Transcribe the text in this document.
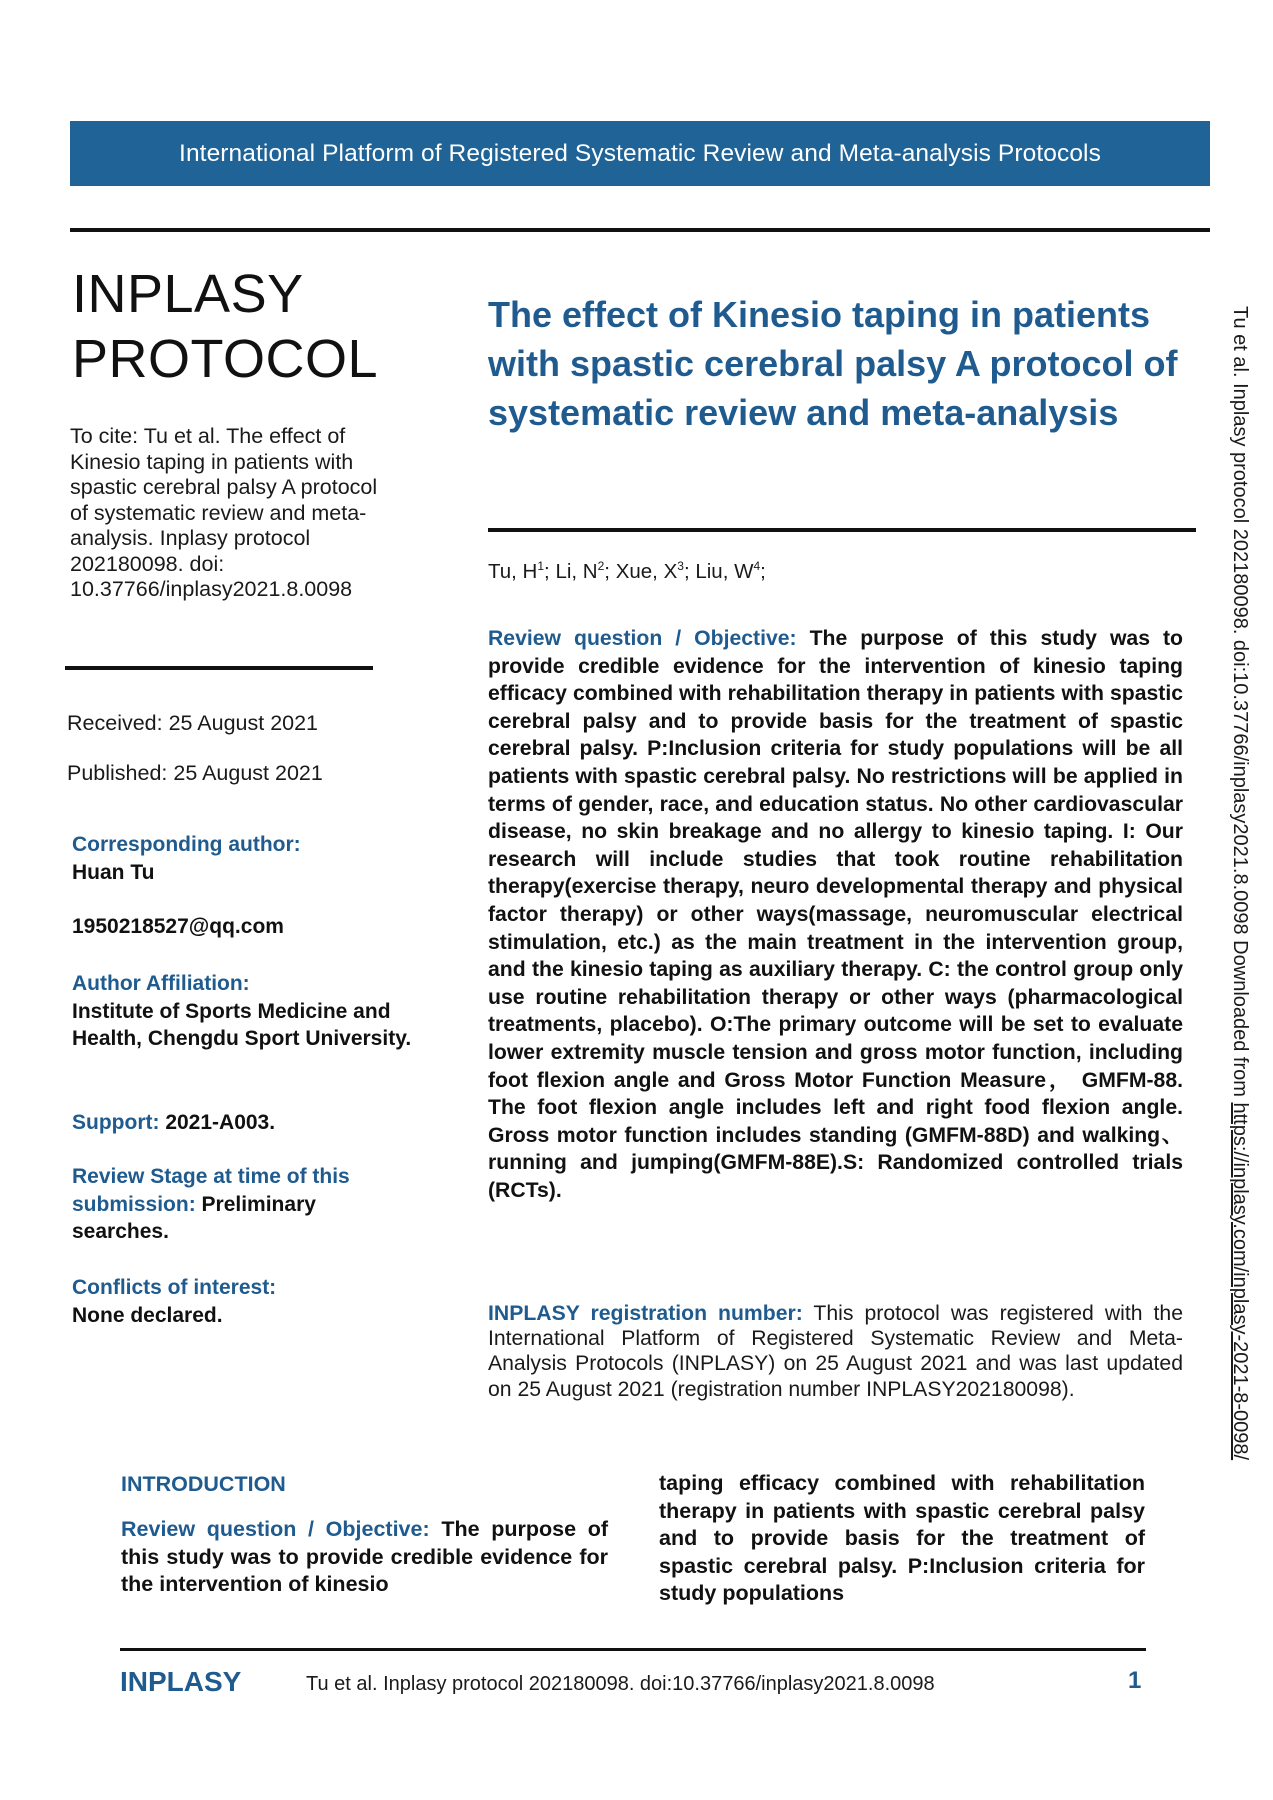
International Platform of Registered Systematic Review and Meta-analysis Protocols
INPLASY
PROTOCOL
To cite: Tu et al. The effect of Kinesio taping in patients with spastic cerebral palsy A protocol of systematic review and meta-analysis. Inplasy protocol 202180098. doi: 10.37766/inplasy2021.8.0098
Received: 25 August 2021
Published: 25 August 2021
Corresponding author:
Huan Tu
1950218527@qq.com
Author Affiliation:
Institute of Sports Medicine and Health, Chengdu Sport University.
Support: 2021-A003.
Review Stage at time of this submission: Preliminary searches.
Conflicts of interest:
None declared.
The effect of Kinesio taping in patients with spastic cerebral palsy A protocol of systematic review and meta-analysis
Tu, $H^1$; Li, $N^2$; Xue, $X^3$; Liu, $W^4$;
Review question / Objective: The purpose of this study was to provide credible evidence for the intervention of kinesio taping efficacy combined with rehabilitation therapy in patients with spastic cerebral palsy and to provide basis for the treatment of spastic cerebral palsy. P:Inclusion criteria for study populations will be all patients with spastic cerebral palsy. No restrictions will be applied in terms of gender, race, and education status. No other cardiovascular disease, no skin breakage and no allergy to kinesio taping. I: Our research will include studies that took routine rehabilitation therapy(exercise therapy, neuro developmental therapy and physical factor therapy) or other ways(massage, neuromuscular electrical stimulation, etc.) as the main treatment in the intervention group, and the kinesio taping as auxiliary therapy. C: the control group only use routine rehabilitation therapy or other ways (pharmacological treatments, placebo). O:The primary outcome will be set to evaluate lower extremity muscle tension and gross motor function, including foot flexion angle and Gross Motor Function Measure， GMFM-88. The foot flexion angle includes left and right food flexion angle. Gross motor function includes standing (GMFM-88D) and walking、running and jumping(GMFM-88E).S: Randomized controlled trials (RCTs).
INPLASY registration number: This protocol was registered with the International Platform of Registered Systematic Review and Meta-Analysis Protocols (INPLASY) on 25 August 2021 and was last updated on 25 August 2021 (registration number INPLASY202180098).
Tu et al. Inplasy protocol 202180098. doi:10.37766/inplasy2021.8.0098 Downloaded from https://inplasy.com/inplasy-2021-8-0098/
INTRODUCTION
Review question / Objective: The purpose of this study was to provide credible evidence for the intervention of kinesio
taping efficacy combined with rehabilitation therapy in patients with spastic cerebral palsy and to provide basis for the treatment of spastic cerebral palsy. P:Inclusion criteria for study populations
INPLASY	Tu et al. Inplasy protocol 202180098. doi:10.37766/inplasy2021.8.0098	1
